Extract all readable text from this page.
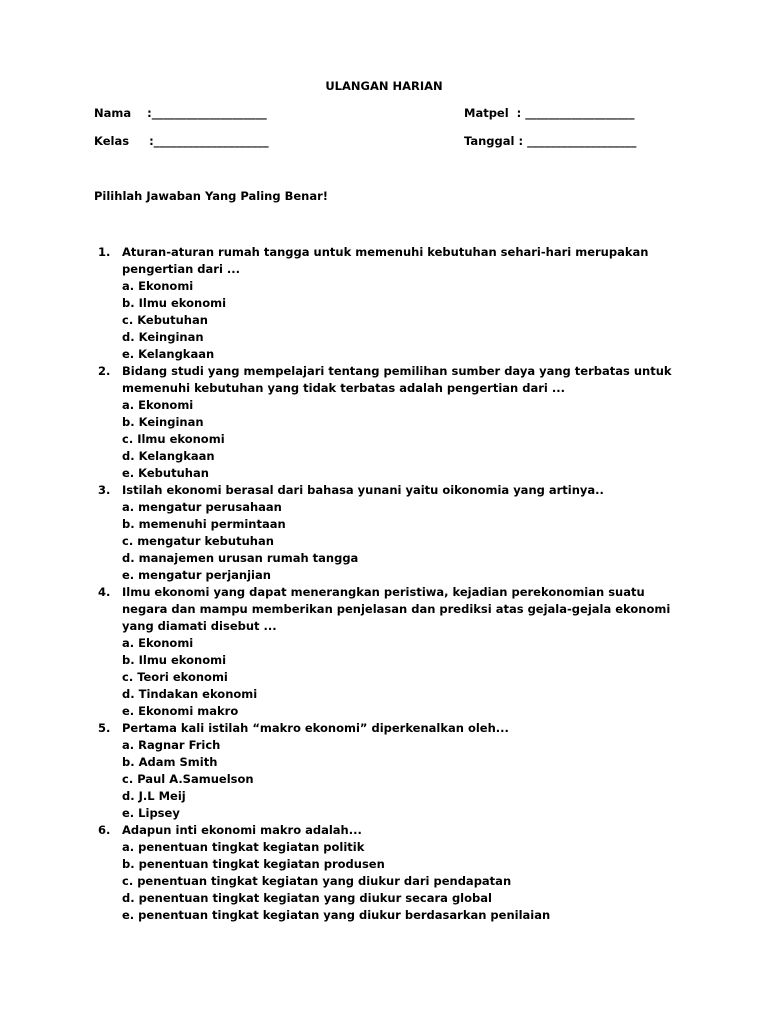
ULANGAN HARIAN
Nama    :____________________	Matpel  : ___________________
Kelas     :____________________	Tanggal : ___________________
Pilihlah Jawaban Yang Paling Benar!
1. Aturan-aturan rumah tangga untuk memenuhi kebutuhan sehari-hari merupakan pengertian dari ...
a. Ekonomi
b. Ilmu ekonomi
c. Kebutuhan
d. Keinginan
e. Kelangkaan
2. Bidang studi yang mempelajari tentang pemilihan sumber daya yang terbatas untuk memenuhi kebutuhan yang tidak terbatas adalah pengertian dari ...
a. Ekonomi
b. Keinginan
c. Ilmu ekonomi
d. Kelangkaan
e. Kebutuhan
3. Istilah ekonomi berasal dari bahasa yunani yaitu oikonomia yang artinya..
a. mengatur perusahaan
b. memenuhi permintaan
c. mengatur kebutuhan
d. manajemen urusan rumah tangga
e. mengatur perjanjian
4. Ilmu ekonomi yang dapat menerangkan peristiwa, kejadian perekonomian suatu negara dan mampu memberikan penjelasan dan prediksi atas gejala-gejala ekonomi yang diamati disebut ...
a. Ekonomi
b. Ilmu ekonomi
c. Teori ekonomi
d. Tindakan ekonomi
e. Ekonomi makro
5. Pertama kali istilah “makro ekonomi” diperkenalkan oleh...
a. Ragnar Frich
b. Adam Smith
c. Paul A.Samuelson
d. J.L Meij
e. Lipsey
6. Adapun inti ekonomi makro adalah...
a. penentuan tingkat kegiatan politik
b. penentuan tingkat kegiatan produsen
c. penentuan tingkat kegiatan yang diukur dari pendapatan
d. penentuan tingkat kegiatan yang diukur secara global
e. penentuan tingkat kegiatan yang diukur berdasarkan penilaian
